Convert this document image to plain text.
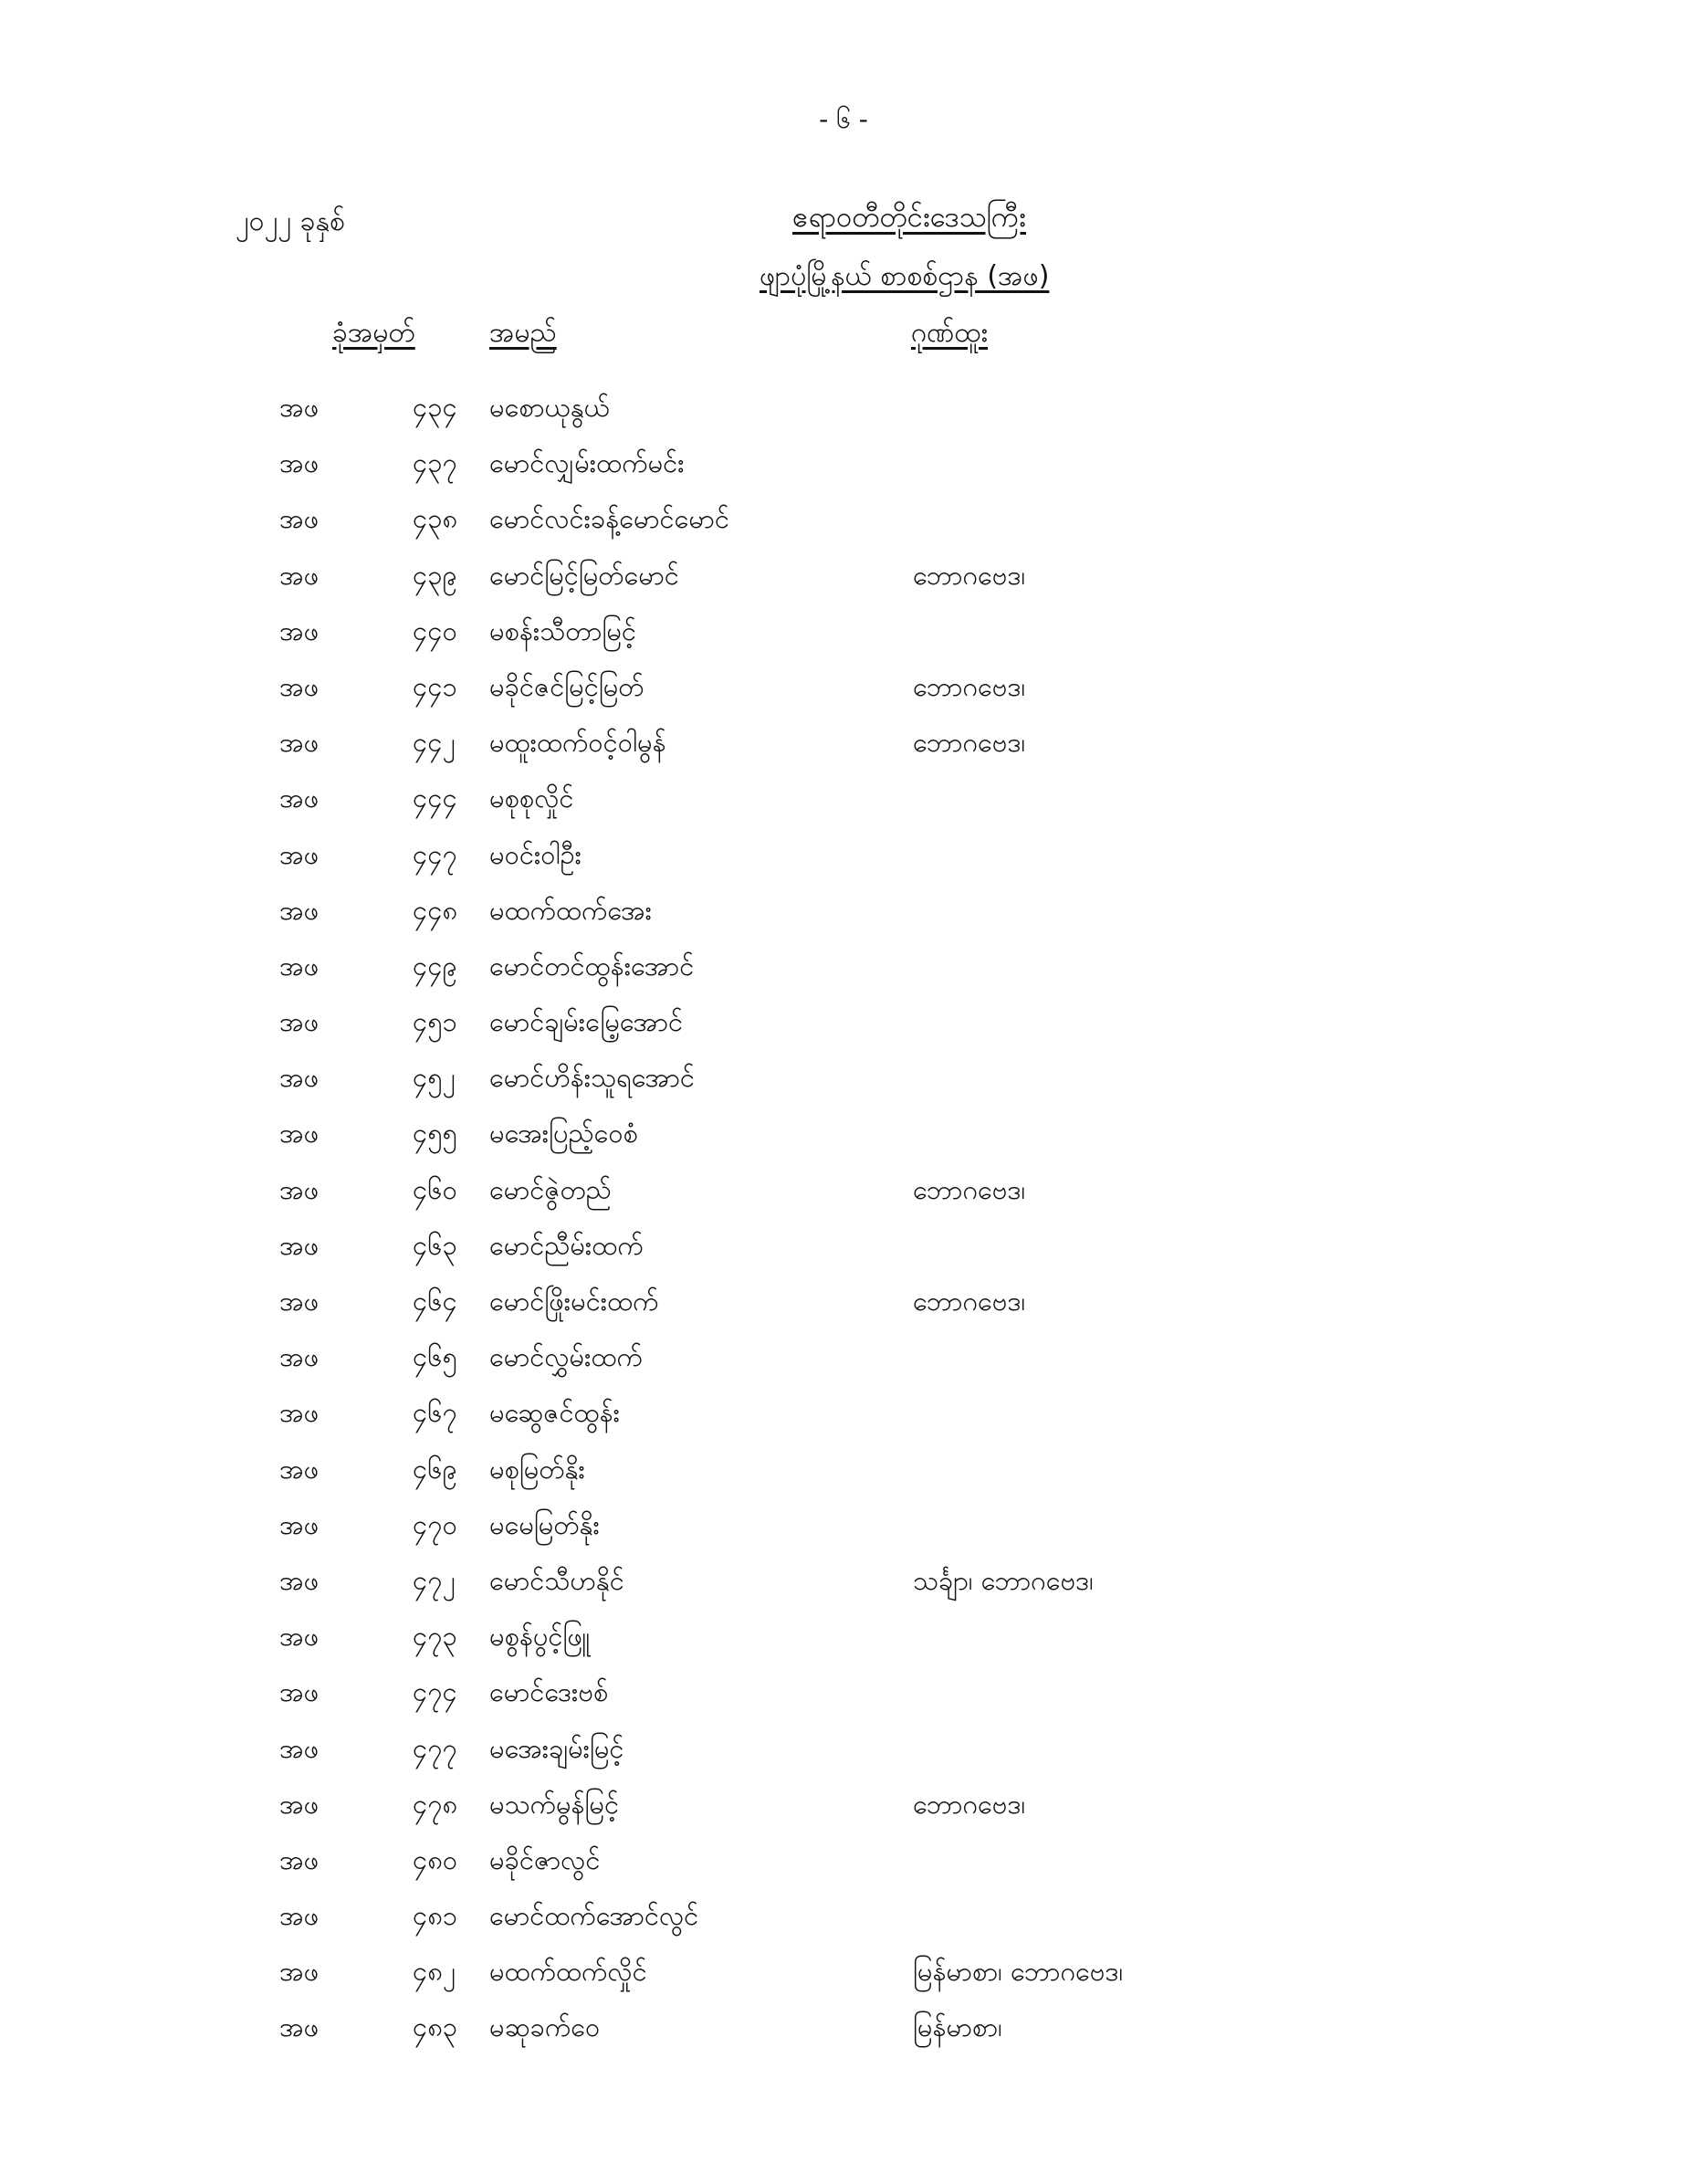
- ၆ -
၂၀၂၂ ခုနှစ်	ဧရာဝတီတိုင်းဒေသကြီး
ဖျာပုံမြို့နယ် စာစစ်ဌာန (အဖ)
ခုံအမှတ်	အမည်	ဂုဏ်ထူး
အဖ	၄၃၄ မစောယုနွယ်
အဖ	၄၃၇ မောင်လျှမ်းထက်မင်း
အဖ	၄၃၈ မောင်လင်းခန့်မောင်မောင်
အဖ	၄၃၉ မောင်မြင့်မြတ်မောင်	ဘောဂဗေဒ၊
အဖ	၄၄၀ မစန်းသီတာမြင့်
အဖ	၄၄၁ မခိုင်ဇင်မြင့်မြတ်	ဘောဂဗေဒ၊
အဖ	၄၄၂ မထူးထက်ဝင့်ဝါမွန်	ဘောဂဗေဒ၊
အဖ	၄၄၄ မစုစုလှိုင်
အဖ	၄၄၇ မဝင်းဝါဦး
အဖ	၄၄၈ မထက်ထက်အေး
အဖ	၄၄၉ မောင်တင်ထွန်းအောင်
အဖ	၄၅၁ မောင်ချမ်းမြေ့အောင်
အဖ	၄၅၂ မောင်ဟိန်းသူရအောင်
အဖ	၄၅၅ မအေးပြည့်ဝေစံ
အဖ	၄၆၀ မောင်ဇွဲတည်	ဘောဂဗေဒ၊
အဖ	၄၆၃ မောင်ညီမ်းထက်
အဖ	၄၆၄ မောင်ဖြိုးမင်းထက်	ဘောဂဗေဒ၊
အဖ	၄၆၅ မောင်လွှမ်းထက်
အဖ	၄၆၇ မဆွေဇင်ထွန်း
အဖ	၄၆၉ မစုမြတ်နိုး
အဖ	၄၇၀ မမေမြတ်နိုး
အဖ	၄၇၂ မောင်သီဟနိုင်	သင်္ချာ၊ ဘောဂဗေဒ၊
အဖ	၄၇၃ မစွန်ပွင့်ဖြူ
အဖ	၄၇၄ မောင်ဒေးဗစ်
အဖ	၄၇၇ မအေးချမ်းမြင့်
အဖ	၄၇၈ မသက်မွန်မြင့်	ဘောဂဗေဒ၊
အဖ	၄၈၀ မခိုင်ဇာလွင်
အဖ	၄၈၁ မောင်ထက်အောင်လွင်
အဖ	၄၈၂ မထက်ထက်လှိုင်	မြန်မာစာ၊ ဘောဂဗေဒ၊
အဖ	၄၈၃ မဆုခက်ဝေ	မြန်မာစာ၊
